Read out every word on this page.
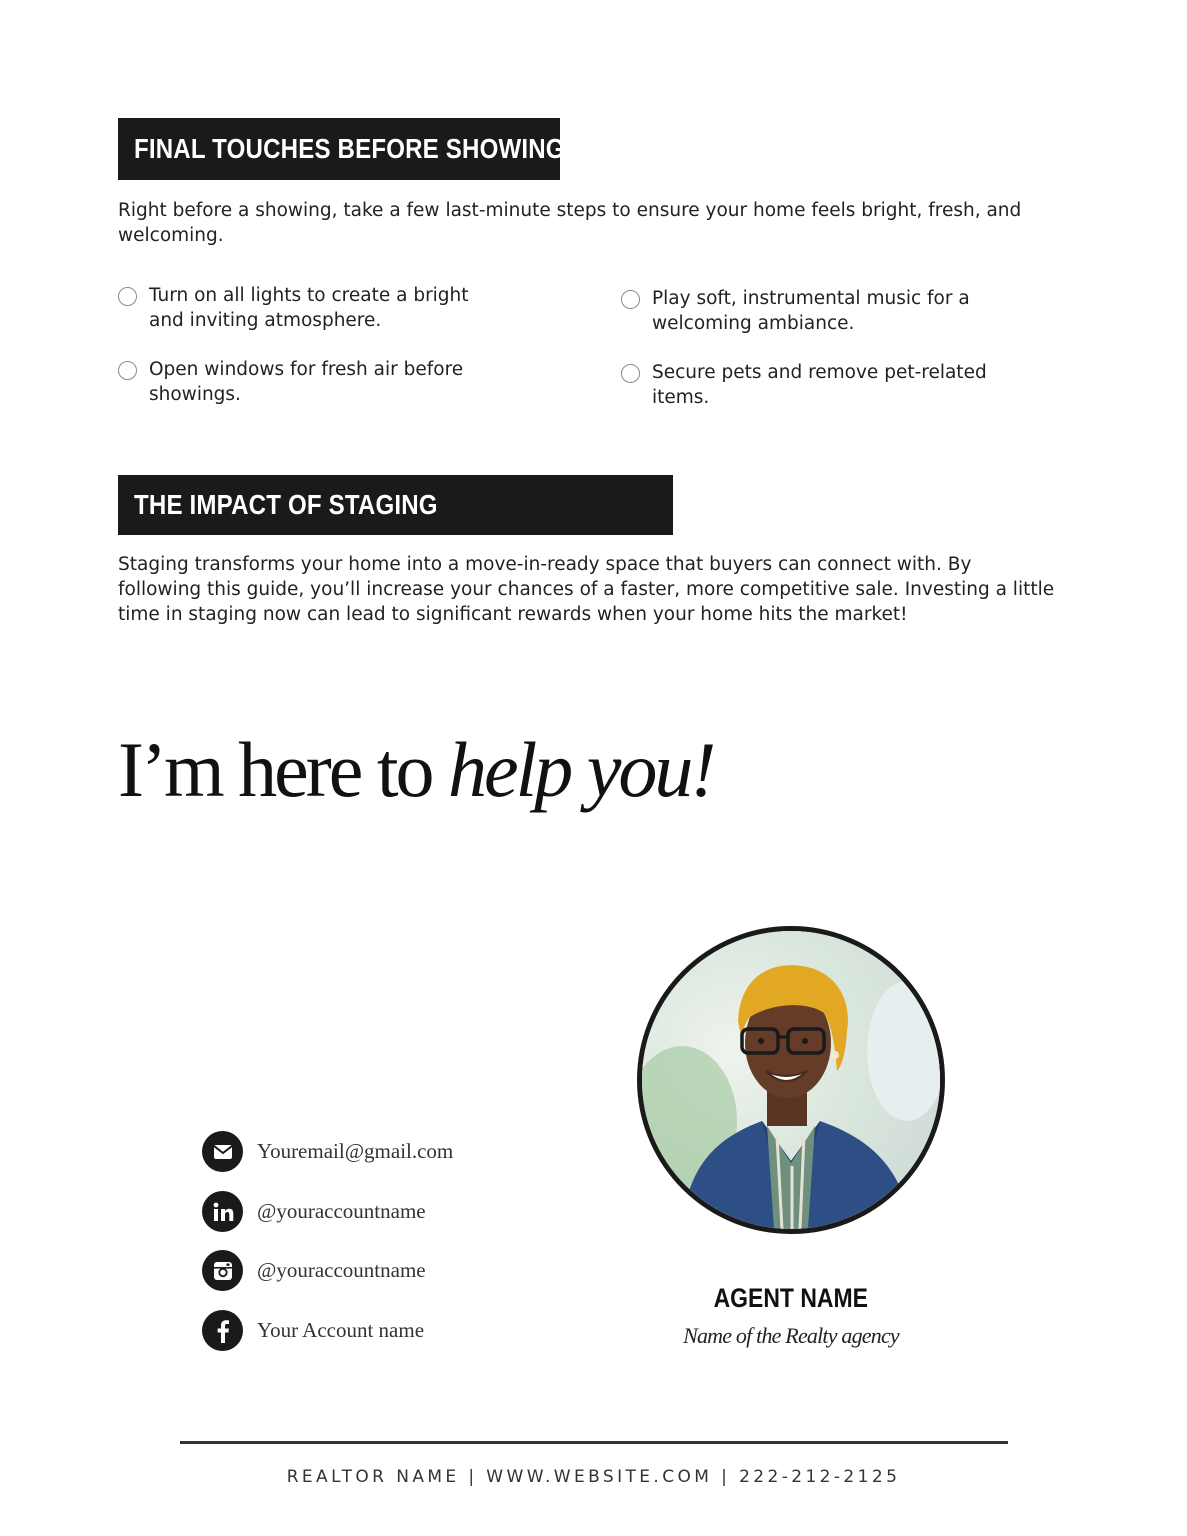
FINAL TOUCHES BEFORE SHOWINGS
Right before a showing, take a few last-minute steps to ensure your home feels bright, fresh, and welcoming.
Turn on all lights to create a bright and inviting atmosphere.
Open windows for fresh air before showings.
Play soft, instrumental music for a welcoming ambiance.
Secure pets and remove pet-related items.
THE IMPACT OF STAGING
Staging transforms your home into a move-in-ready space that buyers can connect with. By following this guide, you’ll increase your chances of a faster, more competitive sale. Investing a little time in staging now can lead to significant rewards when your home hits the market!
I’m here to help you!
Youremail@gmail.com
@youraccountname
@youraccountname
Your Account name
AGENT NAME
Name of the Realty agency
REALTOR NAME | WWW.WEBSITE.COM | 222-212-2125
